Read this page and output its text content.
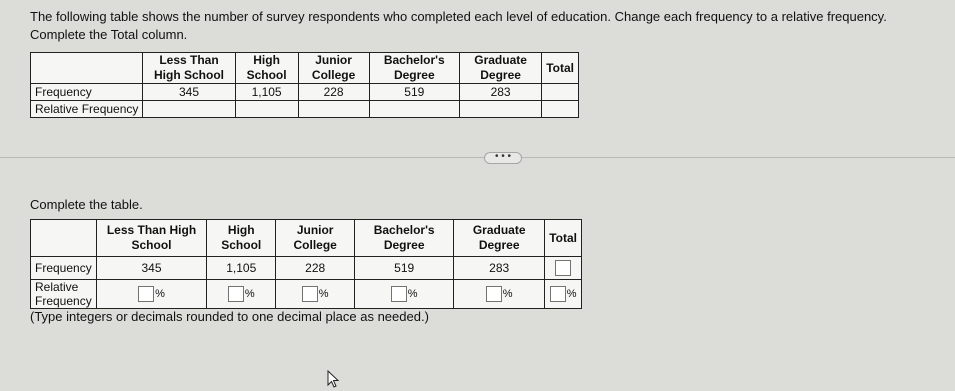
The following table shows the number of survey respondents who completed each level of education. Change each frequency to a relative frequency. Complete the Total column.
	Less Than High School	High School	Junior College	Bachelor's Degree	Graduate Degree	Total
Frequency	345	1,105	228	519	283	
Relative Frequency						
• • •
Complete the table.
	Less Than High School	High School	Junior College	Bachelor's Degree	Graduate Degree	Total
Frequency	345	1,105	228	519	283	
Relative
Frequency	%	%	%	%	%	%
(Type integers or decimals rounded to one decimal place as needed.)
